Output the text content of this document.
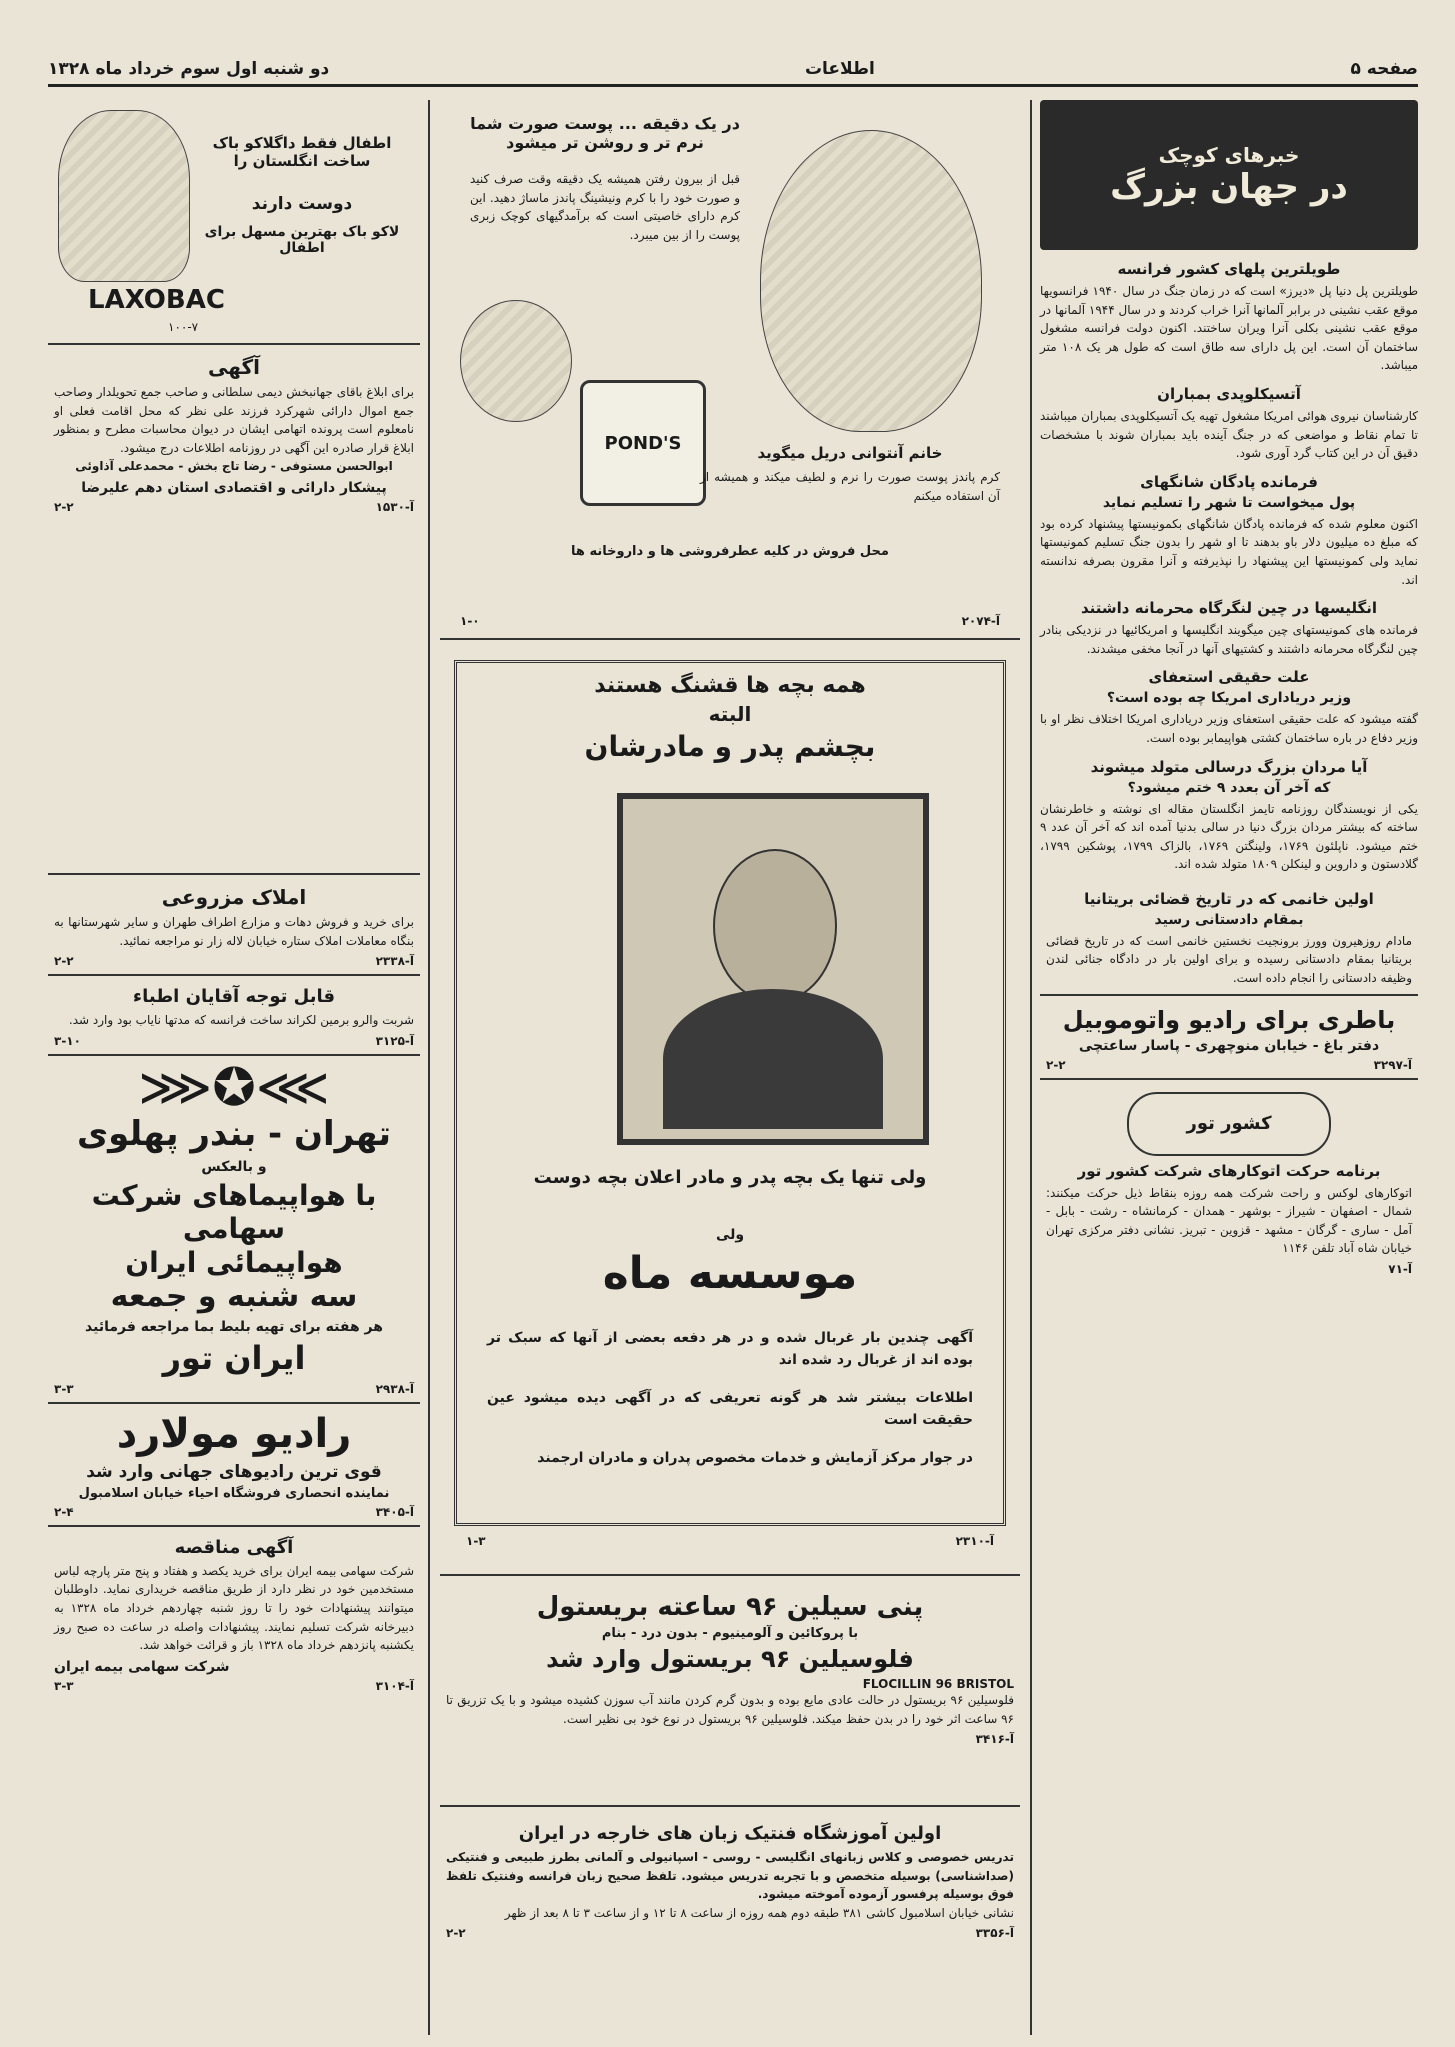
صفحه ۵
اطلاعات
دو شنبه اول سوم خرداد ماه ۱۳۲۸
خبرهای کوچک
در جهان بزرگ
طویلترین پلهای کشور فرانسه
طویلترین پل دنیا پل «دیرز» است که در زمان جنگ در سال ۱۹۴۰ فرانسویها موقع عقب نشینی در برابر آلمانها آنرا خراب کردند و در سال ۱۹۴۴ آلمانها در موقع عقب نشینی بکلی آنرا ویران ساختند. اکنون دولت فرانسه مشغول ساختمان آن است. این پل دارای سه طاق است که طول هر یک ۱۰۸ متر میباشد.
آتسیکلوپدی بمباران
کارشناسان نیروی هوائی امریکا مشغول تهیه یک آتسیکلوپدی بمباران میباشند تا تمام نقاط و مواضعی که در جنگ آینده باید بمباران شوند با مشخصات دقیق آن در این کتاب گرد آوری شود.
فرمانده پادگان شانگهای
پول میخواست تا شهر را تسلیم نماید
اکنون معلوم شده که فرمانده پادگان شانگهای بکمونیستها پیشنهاد کرده بود که مبلغ ده میلیون دلار باو بدهند تا او شهر را بدون جنگ تسلیم کمونیستها نماید ولی کمونیستها این پیشنهاد را نپذیرفته و آنرا مقرون بصرفه ندانسته اند.
انگلیسها در چین لنگرگاه محرمانه داشتند
فرمانده های کمونیستهای چین میگویند انگلیسها و امریکائیها در نزدیکی بنادر چین لنگرگاه محرمانه داشتند و کشتیهای آنها در آنجا مخفی میشدند.
علت حقیقی استعفای
وزیر دریاداری امریکا چه بوده است؟
گفته میشود که علت حقیقی استعفای وزیر دریاداری امریکا اختلاف نظر او با وزیر دفاع در باره ساختمان کشتی هواپیمابر بوده است.
آیا مردان بزرگ درسالی متولد میشوند
که آخر آن بعدد ۹ ختم میشود؟
یکی از نویسندگان روزنامه تایمز انگلستان مقاله ای نوشته و خاطرنشان ساخته که بیشتر مردان بزرگ دنیا در سالی بدنیا آمده اند که آخر آن عدد ۹ ختم میشود. ناپلئون ۱۷۶۹، ولینگتن ۱۷۶۹، بالزاک ۱۷۹۹، پوشکین ۱۷۹۹، گلادستون و داروین و لینکلن ۱۸۰۹ متولد شده اند.
اولین خانمی که در تاریخ قضائی بریتانیا
بمقام دادستانی رسید
مادام روزهیرون وورز برونجیت نخستین خانمی است که در تاریخ قضائی بریتانیا بمقام دادستانی رسیده و برای اولین بار در دادگاه جنائی لندن وظیفه دادستانی را انجام داده است.
باطری برای رادیو واتوموبیل
دفتر باغ - خیابان منوچهری - پاسار ساعتچی
آ-۳۲۹۷
۲-۲
کشور تور
برنامه حرکت اتوکارهای شرکت کشور تور
اتوکارهای لوکس و راحت شرکت همه روزه بنقاط ذیل حرکت میکنند: شمال - اصفهان - شیراز - بوشهر - همدان - کرمانشاه - رشت - بابل - آمل - ساری - گرگان - مشهد - قزوین - تبریز. نشانی دفتر مرکزی تهران خیابان شاه آباد تلفن ۱۱۴۶
آ-۷۱
در یک دقیقه ... پوست صورت شما نرم تر و روشن تر میشود
قبل از بیرون رفتن همیشه یک دقیقه وقت صرف کنید و صورت خود را با کرم ونیشینگ پاندز ماساژ دهید. این کرم دارای خاصیتی است که برآمدگیهای کوچک زبری پوست را از بین میبرد.
POND'S	خانم آنتوانی دریل میگوید
کرم پاندز پوست صورت را نرم و لطیف میکند و همیشه از آن استفاده میکنم
محل فروش در کلیه عطرفروشی ها و داروخانه ها
آ-۲۰۷۴
۱-۰
همه بچه ها قشنگ هستند
البته
بچشم پدر و مادرشان
ولی تنها یک بچه پدر و مادر اعلان بچه دوست
ولی
موسسه ماه
آگهی چندین بار غربال شده و در هر دفعه بعضی از آنها که سبک تر بوده اند از غربال رد شده اند
اطلاعات بیشتر شد هر گونه تعریفی که در آگهی دیده میشود عین حقیقت است
در جوار مرکز آزمایش و خدمات مخصوص پدران و مادران ارجمند
آ-۲۳۱۰
۱-۳
پنی سیلین ۹۶ ساعته بریستول
با پروکائین و آلومینیوم - بدون درد - بنام
فلوسیلین ۹۶ بریستول وارد شد
FLOCILLIN 96 BRISTOL
فلوسیلین ۹۶ بریستول در حالت عادی مایع بوده و بدون گرم کردن مانند آب سوزن کشیده میشود و با یک تزریق تا ۹۶ ساعت اثر خود را در بدن حفظ میکند. فلوسیلین ۹۶ بریستول در نوع خود بی نظیر است.
آ-۳۴۱۶
اولین آموزشگاه فنتیک زبان های خارجه در ایران
تدریس خصوصی و کلاس زبانهای انگلیسی - روسی - اسپانیولی و آلمانی بطرز طبیعی و فنتیکی (صداشناسی) بوسیله متخصص و با تجربه تدریس میشود. تلفظ صحیح زبان فرانسه وفنتیک تلفظ فوق بوسیله پرفسور آزموده آموخته میشود.
نشانی خیابان اسلامبول کاشی ۳۸۱ طبقه دوم همه روزه از ساعت ۸ تا ۱۲ و از ساعت ۳ تا ۸ بعد از ظهر
آ-۳۳۵۶
۲-۲
اطفال فقط داگلاکو باک ساخت انگلستان را
دوست دارند
لاکو باک بهترین مسهل برای اطفال
LAXOBAC
۱۰۰-۷
آگهی
برای ابلاغ باقای جهانبخش دیمی سلطانی و صاحب جمع تحویلدار وصاحب جمع اموال دارائی شهرکرد فرزند علی نظر که محل اقامت فعلی او نامعلوم است پرونده اتهامی ایشان در دیوان محاسبات مطرح و بمنظور ابلاغ قرار صادره این آگهی در روزنامه اطلاعات درج میشود.
ابوالحسن مستوفی - رضا تاج بخش - محمدعلی آذاوئی
پیشکار دارائی و اقتصادی استان دهم علیرضا
آ-۱۵۳۰
۲-۲
املاک مزروعی
برای خرید و فروش دهات و مزارع اطراف طهران و سایر شهرستانها به بنگاه معاملات املاک ستاره خیابان لاله زار نو مراجعه نمائید.
آ-۲۳۳۸
۲-۲
قابل توجه آقایان اطباء
شربت والرو برمین لکراند ساخت فرانسه که مدتها نایاب بود وارد شد.
آ-۳۱۲۵
۳-۱۰
⋙✪⋘
تهران - بندر پهلوی
و بالعکس
با هواپیماهای شرکت سهامی
هواپیمائی ایران
سه شنبه و جمعه
هر هفته برای تهیه بلیط بما مراجعه فرمائید
ایران تور
آ-۲۹۳۸
۳-۳
رادیو مولارد
قوی ترین رادیوهای جهانی وارد شد
نماینده انحصاری فروشگاه احیاء خیابان اسلامبول
آ-۳۴۰۵
۲-۴
آگهی مناقصه
شرکت سهامی بیمه ایران برای خرید یکصد و هفتاد و پنج متر پارچه لباس مستخدمین خود در نظر دارد از طریق مناقصه خریداری نماید. داوطلبان میتوانند پیشنهادات خود را تا روز شنبه چهاردهم خرداد ماه ۱۳۲۸ به دبیرخانه شرکت تسلیم نمایند. پیشنهادات واصله در ساعت ده صبح روز یکشنبه پانزدهم خرداد ماه ۱۳۲۸ باز و قرائت خواهد شد.
شرکت سهامی بیمه ایران
آ-۳۱۰۴
۳-۳
